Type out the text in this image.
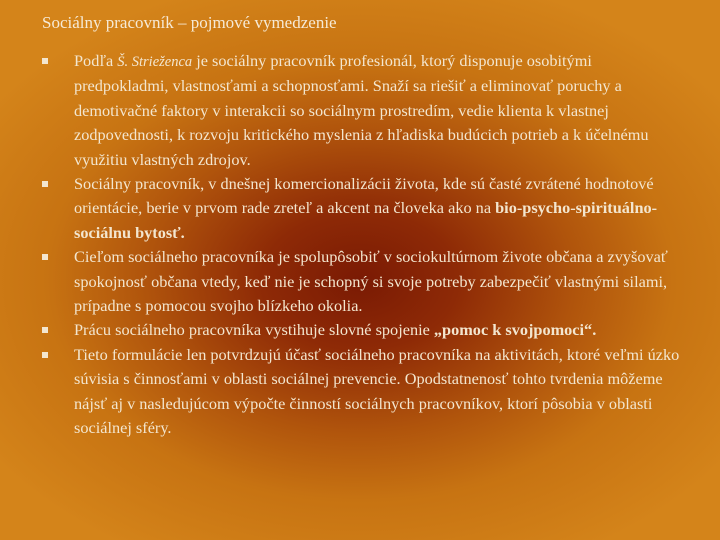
Sociálny pracovník – pojmové vymedzenie
Podľa Š. Strieženca je sociálny pracovník profesionál, ktorý disponuje osobitými predpokladmi, vlastnosťami a schopnosťami. Snaží sa riešiť a eliminovať poruchy a demotivačné faktory v interakcii so sociálnym prostredím, vedie klienta k vlastnej zodpovednosti, k rozvoju kritického myslenia z hľadiska budúcich potrieb a k účelnému využitiu vlastných zdrojov.
Sociálny pracovník, v dnešnej komercionalizácii života, kde sú časté zvrátené hodnotové orientácie, berie v prvom rade zreteľ a akcent na človeka ako na bio-psycho-spirituálno-sociálnu bytosť.
Cieľom sociálneho pracovníka je spolupôsobiť v sociokultúrnom živote občana a zvyšovať spokojnosť občana vtedy, keď nie je schopný si svoje potreby zabezpečiť vlastnými silami, prípadne s pomocou svojho blízkeho okolia.
Prácu sociálneho pracovníka vystihuje slovné spojenie „pomoc k svojpomoci“.
Tieto formulácie len potvrdzujú účasť sociálneho pracovníka na aktivitách, ktoré veľmi úzko súvisia s činnosťami v oblasti sociálnej prevencie. Opodstatnenosť tohto tvrdenia môžeme nájsť aj v nasledujúcom výpočte činností sociálnych pracovníkov, ktorí pôsobia v oblasti sociálnej sféry.
